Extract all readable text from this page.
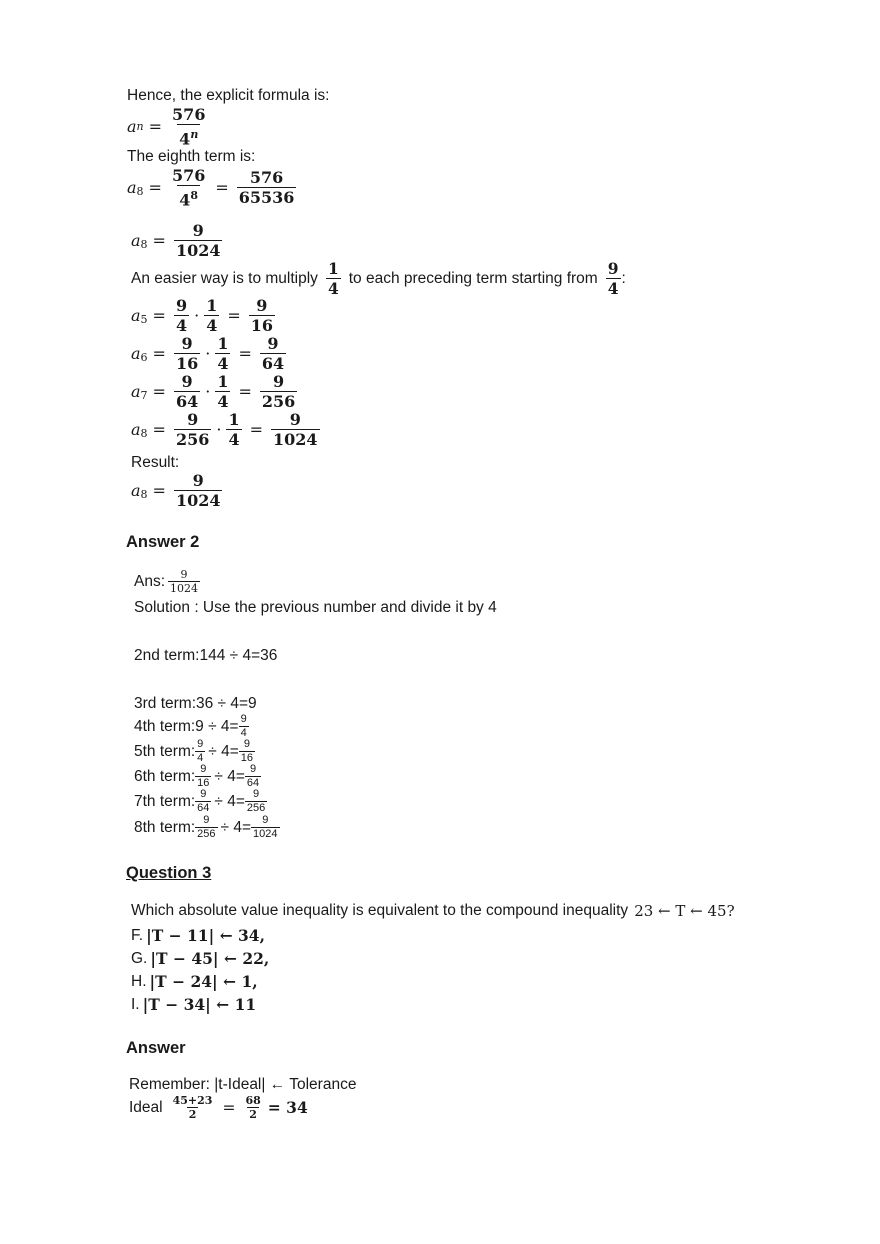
Hence, the explicit formula is:
a $n = \frac{576}{4^n}$
The eighth term is:
a $8 = \frac{576}{4^8} = \frac{576}{65536}$
a $8 = \frac{9}{1024}$
An easier way is to multiply $\frac{1}{4}$ to each preceding term starting from $\frac{9}{4}$ :
a $5 = \frac{9}{4} \cdot \frac{1}{4} = \frac{9}{16}$
a $6 = \frac{9}{16} \cdot \frac{1}{4} = \frac{9}{64}$
a $7 = \frac{9}{64} \cdot \frac{1}{4} = \frac{9}{256}$
a $8 = \frac{9}{256} \cdot \frac{1}{4} = \frac{9}{1024}$
Result:
a $8 = \frac{9}{1024}$
Answer 2
Ans: $\frac{9}{1024}$
Solution : Use the previous number and divide it by 4
2nd term:144 ÷ 4=36
3rd term:36 ÷ 4=9
4th term:9 ÷ $4= \frac{9}{4}$
5th term: $\frac{9}{4} \div 4= \frac{9}{16}$
6th term: $\frac{9}{16} \div 4= \frac{9}{64}$
7th term: $\frac{9}{64} \div 4= \frac{9}{256}$
8th term: $\frac{9}{256} \div 4= \frac{9}{1024}$
Question 3
Which absolute value inequality is equivalent to the compound inequality 23 ← T ← 45?
F. |T − 11| ← 34,
G. |T − 45| ← 22,
H. |T − 24| ← 1,
I. |T − 34| ← 11
Answer
Remember: |t-Ideal| ← Tolerance
Ideal $\frac{45+23}{2} = \frac{68}{2} = 34$
